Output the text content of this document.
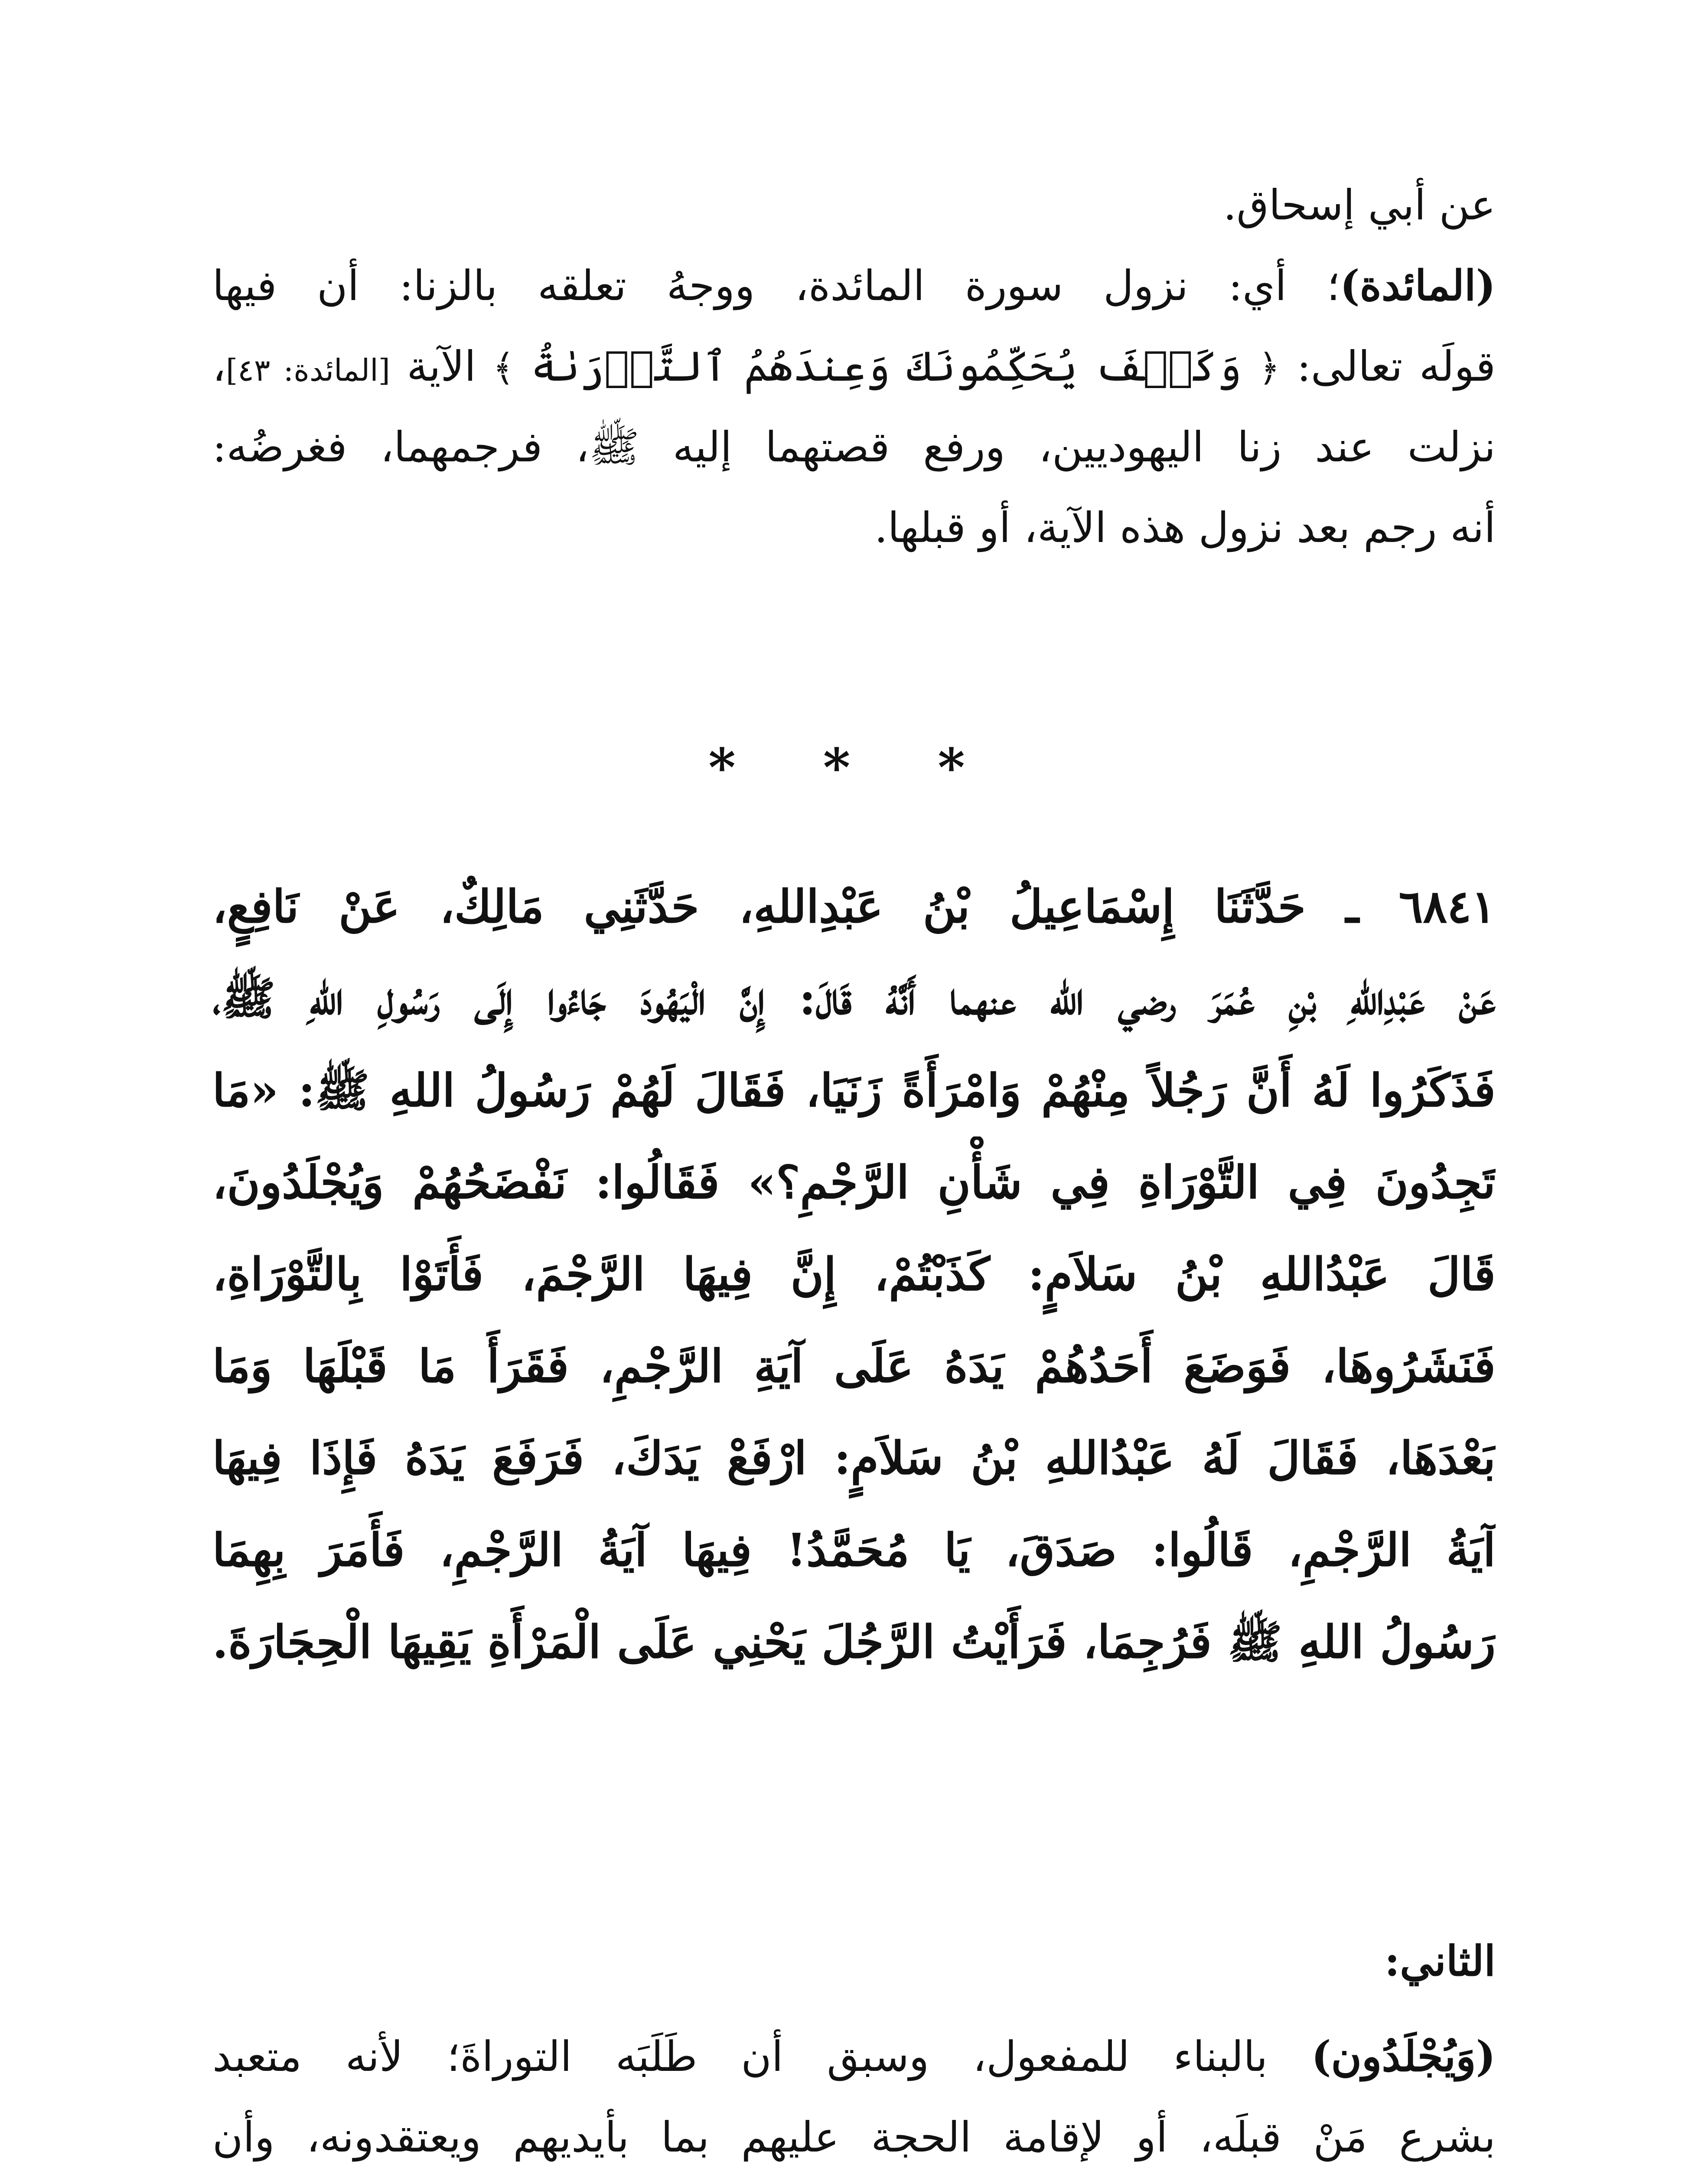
عن أبي إسحاق.
(المائدة)؛ أي: نزول سورة المائدة، ووجهُ تعلقه بالزنا: أن فيها
قولَه تعالى: ﴿ وَكَيۡفَ يُحَكِّمُونَكَ وَعِندَهُمُ ٱلتَّوۡرَىٰةُ ﴾ الآية [المائدة: ٤٣]،
نزلت عند زنا اليهوديين، ورفع قصتهما إليه ﷺ، فرجمهما، فغرضُه:
أنه رجم بعد نزول هذه الآية، أو قبلها.
* * *
٦٨٤١ ـ حَدَّثَنَا إِسْمَاعِيلُ بْنُ عَبْدِاللهِ، حَدَّثَنِي مَالِكٌ، عَنْ نَافِعٍ،
عَنْ عَبْدِاللهِ بْنِ عُمَرَ رضي الله عنهما أَنَّهُ قَالَ: إِنَّ الْيَهُودَ جَاءُوا إِلَى رَسُولِ اللهِ ﷺ،
فَذَكَرُوا لَهُ أَنَّ رَجُلاً مِنْهُمْ وَامْرَأَةً زَنَيَا، فَقَالَ لَهُمْ رَسُولُ اللهِ ﷺ: «مَا
تَجِدُونَ فِي التَّوْرَاةِ فِي شَأْنِ الرَّجْمِ؟» فَقَالُوا: نَفْضَحُهُمْ وَيُجْلَدُونَ،
قَالَ عَبْدُاللهِ بْنُ سَلاَمٍ: كَذَبْتُمْ، إِنَّ فِيهَا الرَّجْمَ، فَأَتَوْا بِالتَّوْرَاةِ،
فَنَشَرُوهَا، فَوَضَعَ أَحَدُهُمْ يَدَهُ عَلَى آيَةِ الرَّجْمِ، فَقَرَأَ مَا قَبْلَهَا وَمَا
بَعْدَهَا، فَقَالَ لَهُ عَبْدُاللهِ بْنُ سَلاَمٍ: ارْفَعْ يَدَكَ، فَرَفَعَ يَدَهُ فَإِذَا فِيهَا
آيَةُ الرَّجْمِ، قَالُوا: صَدَقَ، يَا مُحَمَّدُ! فِيهَا آيَةُ الرَّجْمِ، فَأَمَرَ بِهِمَا
رَسُولُ اللهِ ﷺ فَرُجِمَا، فَرَأَيْتُ الرَّجُلَ يَحْنِي عَلَى الْمَرْأَةِ يَقِيهَا الْحِجَارَةَ.
الثاني:
(وَيُجْلَدُون) بالبناء للمفعول، وسبق أن طَلَبَه التوراةَ؛ لأنه متعبد
بشرع مَنْ قبلَه، أو لإقامة الحجة عليهم بما بأيديهم ويعتقدونه، وأن
